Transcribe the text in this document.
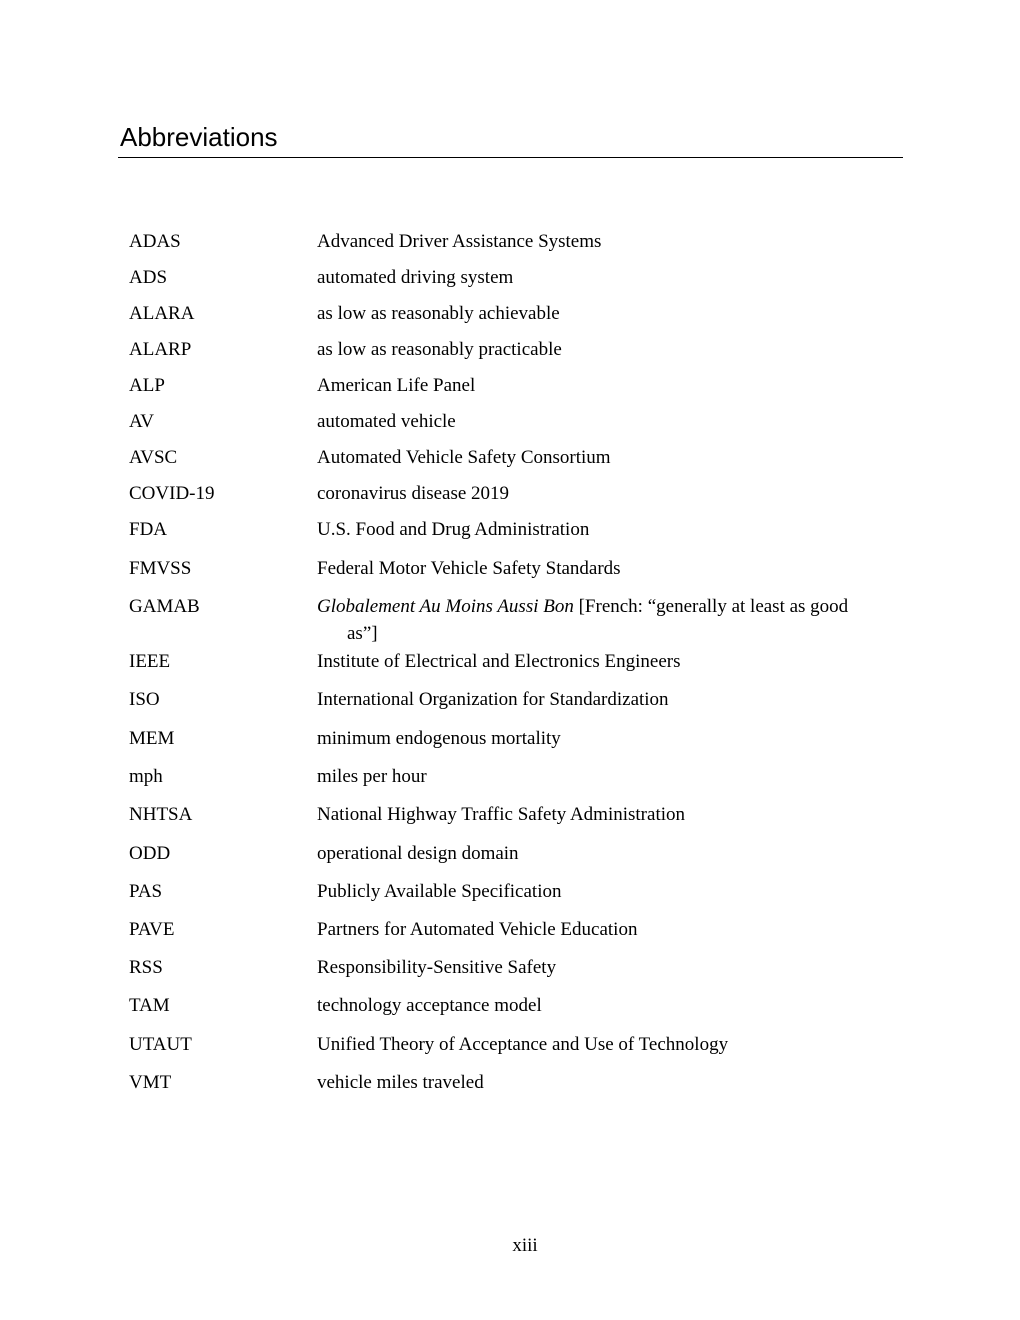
Abbreviations
ADAS	Advanced Driver Assistance Systems
ADS	automated driving system
ALARA	as low as reasonably achievable
ALARP	as low as reasonably practicable
ALP	American Life Panel
AV	automated vehicle
AVSC	Automated Vehicle Safety Consortium
COVID-19	coronavirus disease 2019
FDA	U.S. Food and Drug Administration
FMVSS	Federal Motor Vehicle Safety Standards
GAMAB	Globalement Au Moins Aussi Bon [French: “generally at least as good
as”]
IEEE	Institute of Electrical and Electronics Engineers
ISO	International Organization for Standardization
MEM	minimum endogenous mortality
mph	miles per hour
NHTSA	National Highway Traffic Safety Administration
ODD	operational design domain
PAS	Publicly Available Specification
PAVE	Partners for Automated Vehicle Education
RSS	Responsibility-Sensitive Safety
TAM	technology acceptance model
UTAUT	Unified Theory of Acceptance and Use of Technology
VMT	vehicle miles traveled
xiii
